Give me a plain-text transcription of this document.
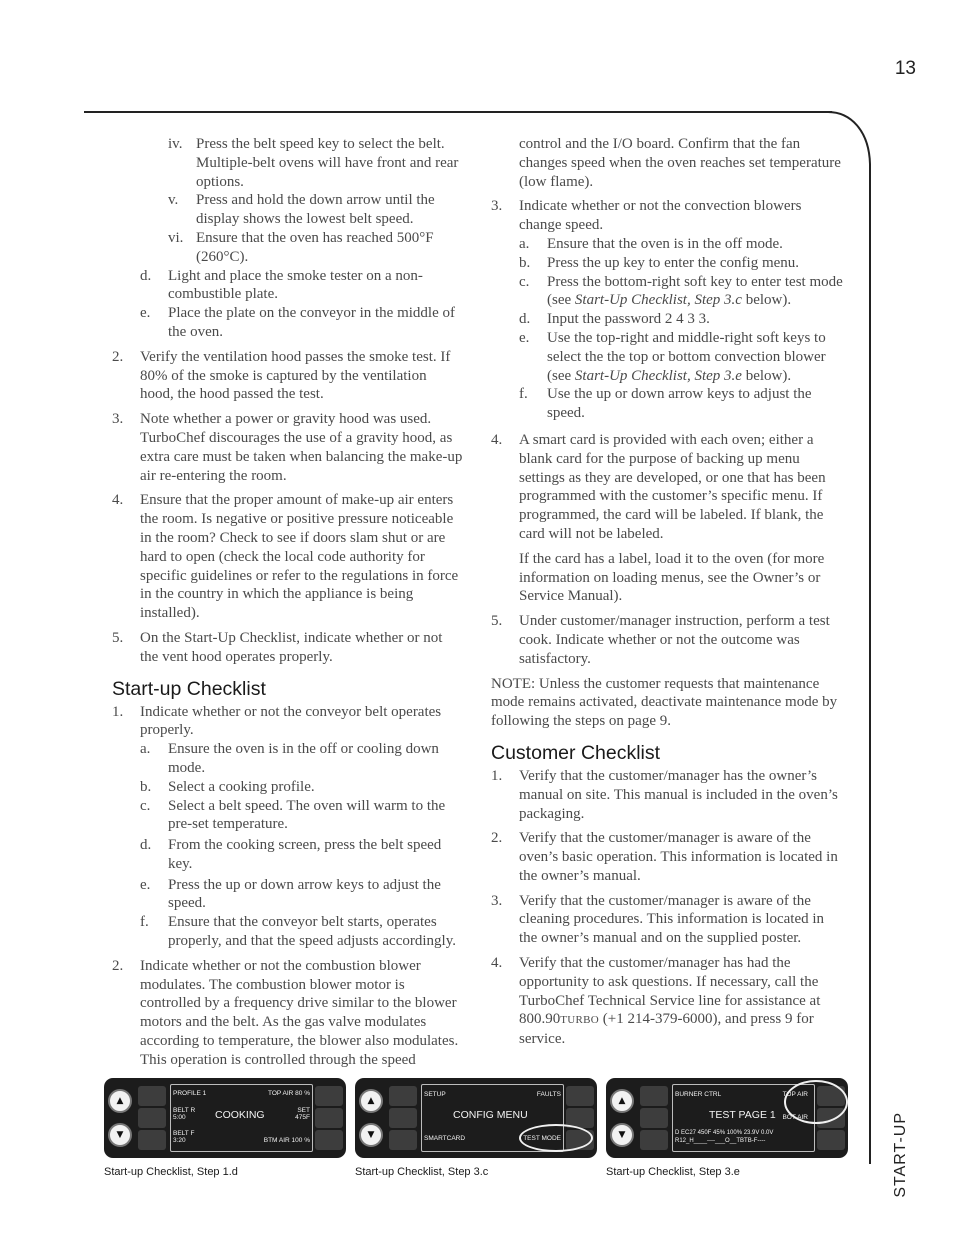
13
START-UP
iv. Press the belt speed key to select the belt. Multiple-belt ovens will have front and rear options.
v.	Press and hold the down arrow until the display shows the lowest belt speed.
vi. Ensure that the oven has reached 500°F (260°C).
d.	Light and place the smoke tester on a non-combustible plate.
e.	Place the plate on the conveyor in the middle of the oven.
2.	Verify the ventilation hood passes the smoke test. If 80% of the smoke is captured by the ventilation hood, the hood passed the test.
3.	Note whether a power or gravity hood was used. TurboChef discourages the use of a gravity hood, as extra care must be taken when balancing the make-up air re-entering the room.
4.	Ensure that the proper amount of make-up air enters the room. Is negative or positive pressure noticeable in the room? Check to see if doors slam shut or are hard to open (check the local code authority for specific guidelines or refer to the regulations in force in the country in which the appliance is being installed).
5.	On the Start-Up Checklist, indicate whether or not the vent hood operates properly.
Start-up Checklist
1.	Indicate whether or not the conveyor belt operates properly.
a.	Ensure the oven is in the off or cooling down mode.
b.	Select a cooking profile.
c.	Select a belt speed. The oven will warm to the pre-set temperature.
d.	From the cooking screen, press the belt speed key.
e.	Press the up or down arrow keys to adjust the speed.
f.	Ensure that the conveyor belt starts, operates properly, and that the speed adjusts accordingly.
2.	Indicate whether or not the combustion blower modulates. The combustion blower motor is controlled by a frequency drive similar to the blower motors and the belt. As the gas valve modulates according to temperature, the blower also modulates. This operation is controlled through the speed
control and the I/O board. Confirm that the fan changes speed when the oven reaches set temperature (low flame).
3.	Indicate whether or not the convection blowers change speed.
a.	Ensure that the oven is in the off mode.
b.	Press the up key to enter the config menu.
c.	Press the bottom-right soft key to enter test mode (see Start-Up Checklist, Step 3.c below).
d.	Input the password 2 4 3 3.
e.	Use the top-right and middle-right soft keys to select the the top or bottom convection blower (see Start-Up Checklist, Step 3.e below).
f.	Use the up or down arrow keys to adjust the speed.
4.	A smart card is provided with each oven; either a blank card for the purpose of backing up menu settings as they are developed, or one that has been programmed with the customer’s specific menu. If programmed, the card will be labeled. If blank, the card will not be labeled.
If the card has a label, load it to the oven (for more information on loading menus, see the Owner’s or Service Manual).
5.	Under customer/manager instruction, perform a test cook. Indicate whether or not the outcome was satisfactory.
NOTE: Unless the customer requests that maintenance mode remains activated, deactivate maintenance mode by following the steps on page 9.
Customer Checklist
1.	Verify that the customer/manager has the owner’s manual on site. This manual is included in the oven’s packaging.
2.	Verify that the customer/manager is aware of the oven’s basic operation. This information is located in the owner’s manual.
3.	Verify that the customer/manager is aware of the cleaning procedures. This information is located in the owner’s manual and on the supplied poster.
4.	Verify that the customer/manager has had the opportunity to ask questions. If necessary, call the TurboChef Technical Service line for assistance at 800.90TURBO (+1 214-379-6000), and press 9 for service.
▲
▼
PROFILE 1	TOP AIR 80 %
BELT R
5:00	COOKING	SET
475F
BELT F
3:20	BTM AIR 100 %
Start-up Checklist, Step 1.d
▲
▼
SETUP	FAULTS
CONFIG MENU
SMARTCARD	TEST MODE
Start-up Checklist, Step 3.c
▲
▼
BURNER CTRL	TOP AIR
TEST PAGE 1 BOT AIR
D EC27 450F 45% 100% 23.9V 0.0V
R12_H____----___O__TBTB-F----
Start-up Checklist, Step 3.e
